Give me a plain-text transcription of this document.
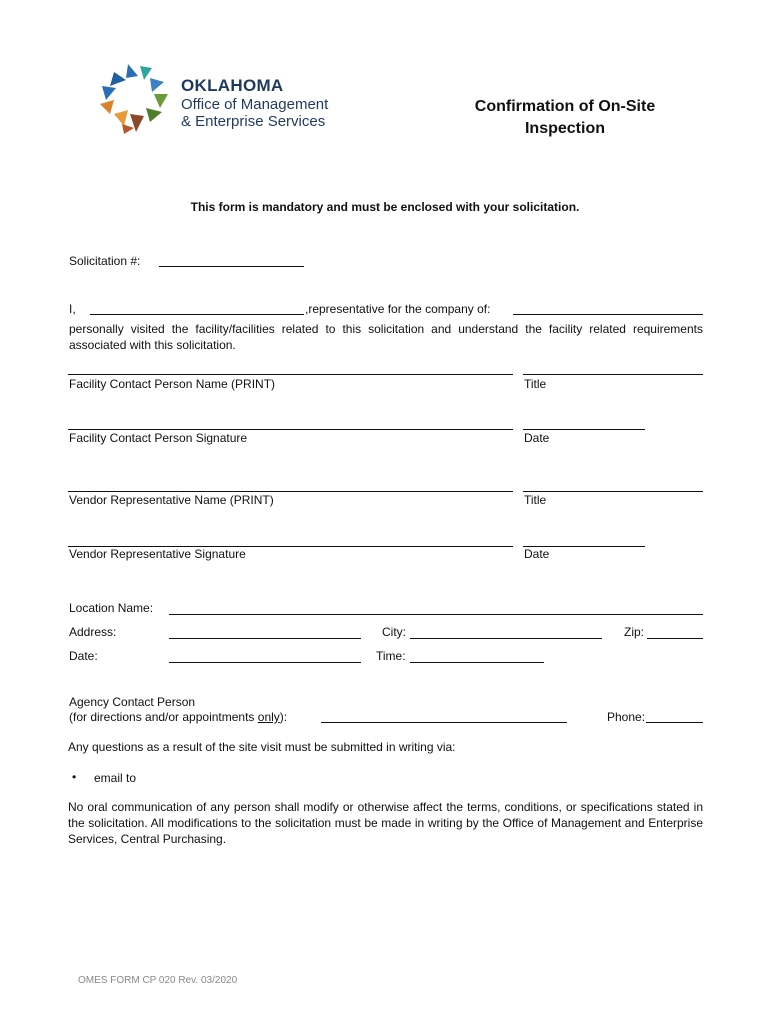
OKLAHOMA
Office of Management
& Enterprise Services
Confirmation of On-Site
Inspection
This form is mandatory and must be enclosed with your solicitation.
Solicitation #:
I,	,representative for the company of:
personally visited the facility/facilities related to this solicitation and understand the facility related requirements associated with this solicitation.
Facility Contact Person Name (PRINT)	Title
Facility Contact Person Signature	Date
Vendor Representative Name (PRINT)	Title
Vendor Representative Signature	Date
Location Name:
Address:	City:	Zip:
Date:	Time:
Agency Contact Person
(for directions and/or appointments only):	Phone:
Any questions as a result of the site visit must be submitted in writing via:
• email to
No oral communication of any person shall modify or otherwise affect the terms, conditions, or specifications stated in the solicitation. All modifications to the solicitation must be made in writing by the Office of Management and Enterprise Services, Central Purchasing.
OMES FORM CP 020 Rev. 03/2020
